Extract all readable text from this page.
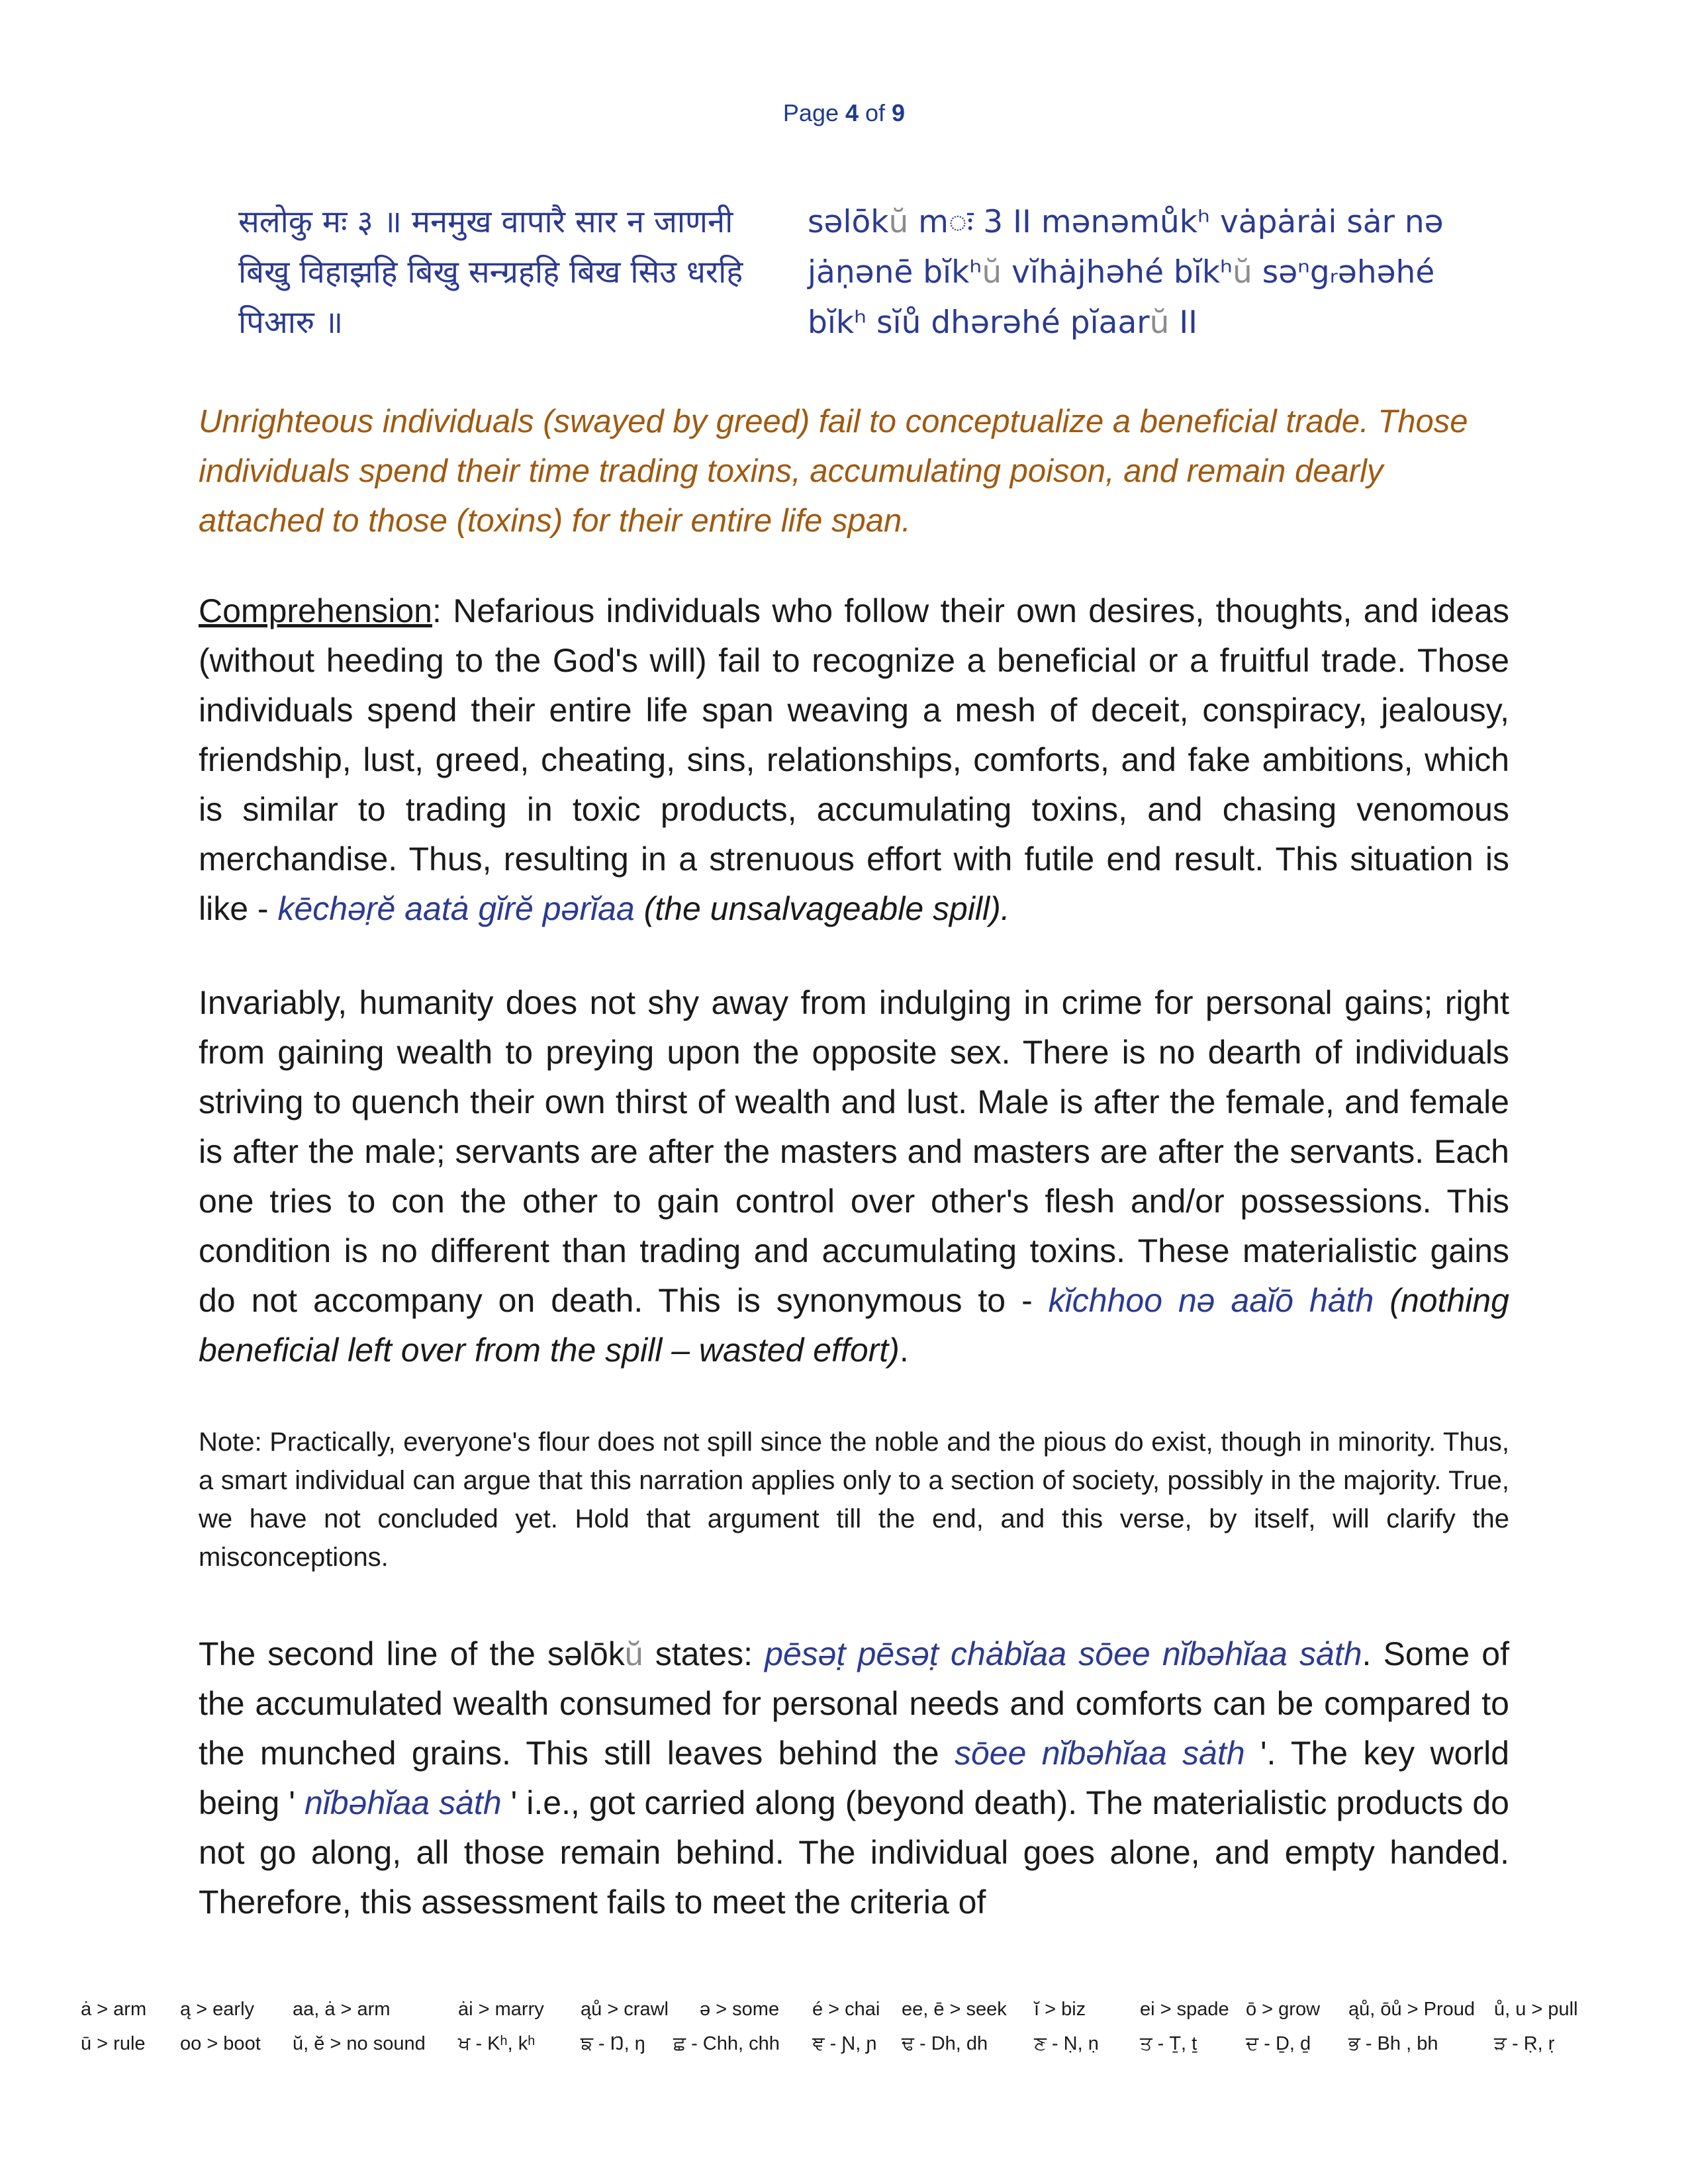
Page 4 of 9
सलोकु मः ३ ॥ मनमुख वापारै सार न जाणनी
बिखु विहाझहि बिखु सन्ग्रहहि बिख सिउ धरहि
पिआरु ॥
səlōkŭ mः 3 II mənəmůkʰ vȧpȧrȧi sȧr nə
jȧṇənē bĭkʰŭ vĭhȧjhəhé bĭkʰŭ səⁿgᵣəhəhé
bĭkʰ sĭů dhərəhé pĭaarŭ II
Unrighteous individuals (swayed by greed) fail to conceptualize a beneficial trade. Those individuals spend their time trading toxins, accumulating poison, and remain dearly attached to those (toxins) for their entire life span.
Comprehension: Nefarious individuals who follow their own desires, thoughts, and ideas (without heeding to the God's will) fail to recognize a beneficial or a fruitful trade. Those individuals spend their entire life span weaving a mesh of deceit, conspiracy, jealousy, friendship, lust, greed, cheating, sins, relationships, comforts, and fake ambitions, which is similar to trading in toxic products, accumulating toxins, and chasing venomous merchandise. Thus, resulting in a strenuous effort with futile end result. This situation is like - kēchəṛĕ aatȧ gĭrĕ pərĭaa (the unsalvageable spill).
Invariably, humanity does not shy away from indulging in crime for personal gains; right from gaining wealth to preying upon the opposite sex. There is no dearth of individuals striving to quench their own thirst of wealth and lust. Male is after the female, and female is after the male; servants are after the masters and masters are after the servants. Each one tries to con the other to gain control over other's flesh and/or possessions. This condition is no different than trading and accumulating toxins. These materialistic gains do not accompany on death. This is synonymous to - kĭchhoo nə aaĭō hȧth (nothing beneficial left over from the spill – wasted effort).
Note: Practically, everyone's flour does not spill since the noble and the pious do exist, though in minority. Thus, a smart individual can argue that this narration applies only to a section of society, possibly in the majority. True, we have not concluded yet. Hold that argument till the end, and this verse, by itself, will clarify the misconceptions.
The second line of the səlōkŭ states: pēsəṭ pēsəṭ chȧbĭaa sōee nĭbəhĭaa sȧth. Some of the accumulated wealth consumed for personal needs and comforts can be compared to the munched grains. This still leaves behind the sōee nĭbəhĭaa sȧth '. The key world being ' nĭbəhĭaa sȧth ' i.e., got carried along (beyond death). The materialistic products do not go along, all those remain behind. The individual goes alone, and empty handed. Therefore, this assessment fails to meet the criteria of
ȧ > arm ą > early aa, ȧ > arm	ȧi > marry ąů > crawl ə > some é > chai ee, ē > seek ĭ > biz	ei > spade ō > grow ąů, ōů > Proud ů, u > pull
ū > rule oo > boot ŭ, ĕ > no sound ਖ - Kʰ, kʰ ਙ - Ŋ, ŋ ਛ - Chh, chh ਞ - Ɲ, ɲ ਢ - Dh, dh ਣ - Ṇ, ṇ ਤ - Ṯ, ṯ	ਦ - Ḏ, ḏ ਭ - Bh , bh	ੜ - Ṛ, ṛ
